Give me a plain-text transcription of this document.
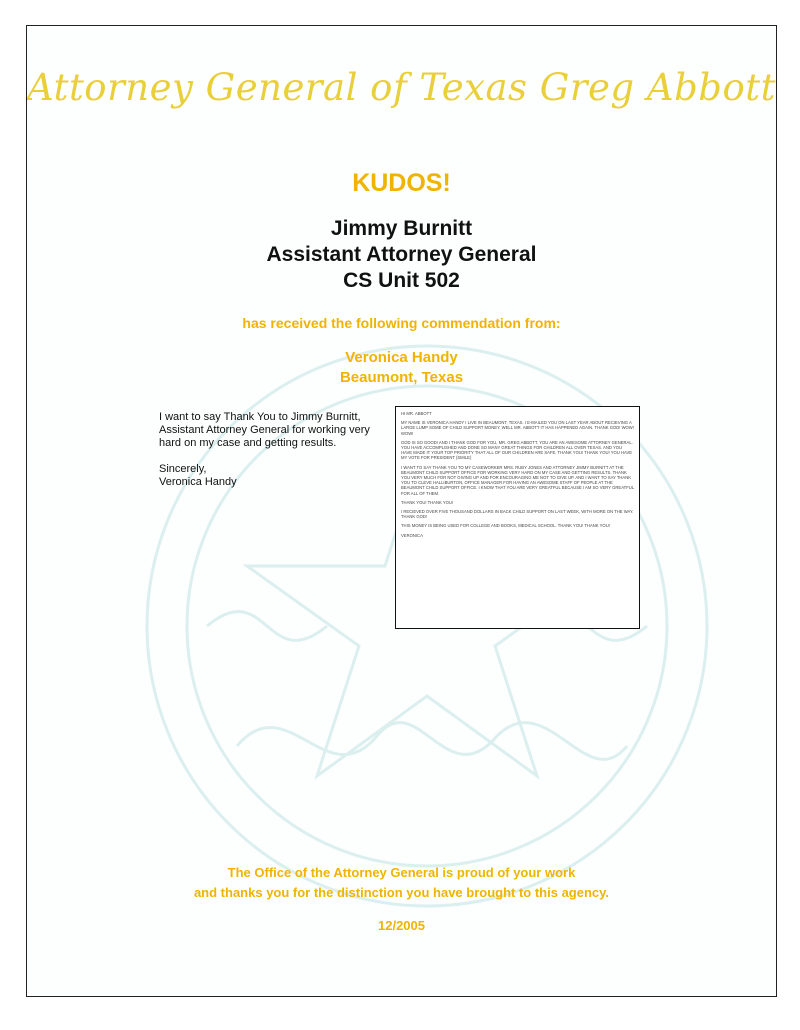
Attorney General of Texas Greg Abbott
KUDOS!
Jimmy Burnitt
Assistant Attorney General
CS Unit 502
has received the following commendation from:
Veronica Handy
Beaumont, Texas

I want to say Thank You to Jimmy Burnitt, Assistant Attorney General for working very hard on my case and getting results.

Sincerely,
Veronica Handy

HI MR. ABBOTT

MY NAME IS VERONICA HANDY I LIVE IN BEAUMONT, TEXAS. I E-MAILED YOU ON LAST YEAR ABOUT RECIEVING A LARGE LUMP SOME OF CHILD SUPPORT MONEY. WELL MR. ABBOTT IT HAS HAPPENED AGAIN. THANK GOD! WOW! WOW!

GOD IS SO GOOD! AND I THANK GOD FOR YOU, MR. GREG ABBOTT. YOU ARE AN AWESOME ATTORNEY GENERAL. YOU HAVE ACCOMPLISHED AND DONE SO MANY GREAT THINGS FOR CHILDREN ALL OVER TEXAS. AND YOU HAVE MADE IT YOUR TOP PRIORITY THAT ALL OF OUR CHILDREN ARE SAFE. THANK YOU! THANK YOU! YOU HAVE MY VOTE FOR PRESIDENT (SMILE)

I WANT TO SAY THANK YOU TO MY CASEWORKER MRS. RUBY JONES AND ATTORNEY JIMMY BURNITT AT THE BEAUMONT CHILD SUPPORT OFFICE FOR WORKING VERY HARD ON MY CASE AND GETTING RESULTS. THANK YOU VERY MUCH FOR NOT GIVING UP AND FOR ENCOURAGING ME NOT TO GIVE UP. AND I WANT TO SAY THANK YOU TO CLEVE HALLIBURTON, OFFICE MANAGER FOR HAVING AN AWESOME STAFF OF PEOPLE AT THE BEAUMONT CHILD SUPPORT OFFICE. I KNOW THAT YOU ARE VERY GREATFUL BECAUSE I AM SO VERY GREATFUL FOR ALL OF THEM.

THANK YOU! THANK YOU!

I RECIEVED OVER FIVE THOUSAND DOLLARS IN BACK CHILD SUPPORT ON LAST WEEK, WITH MORE ON THE WAY. THANK GOD!

THIS MONEY IS BEING USED FOR COLLEGE AND BOOKS, MEDICAL SCHOOL. THANK YOU! THANK YOU!

VERONICA

The Office of the Attorney General is proud of your work
and thanks you for the distinction you have brought to this agency.
12/2005
